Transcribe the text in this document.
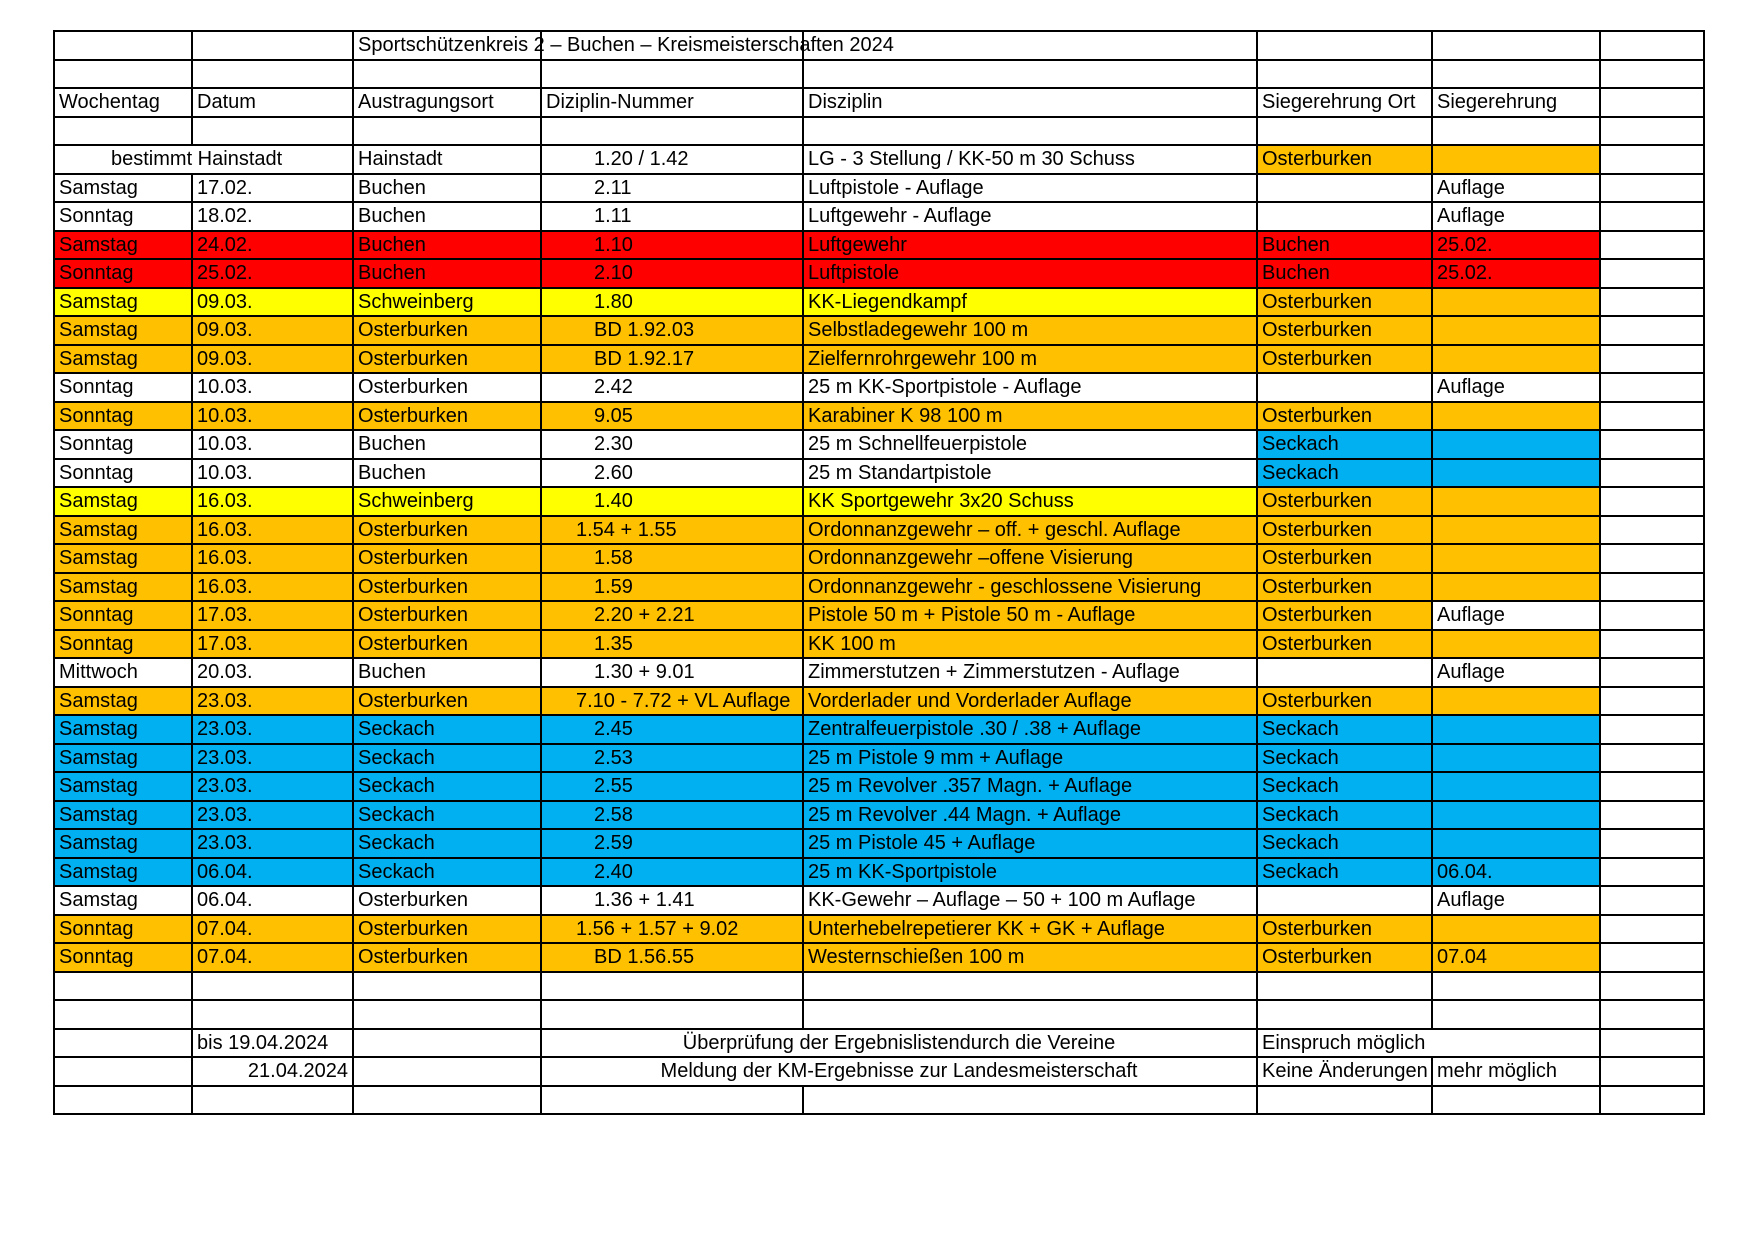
		Sportschützenkreis 2 – Buchen – Kreismeisterschaften 2024					

Wochentag	Datum	Austragungsort	Diziplin-Nummer	Disziplin	Siegerehrung Ort	Siegerehrung	

bestimmt Hainstadt		Hainstadt	1.20 / 1.42	LG - 3 Stellung / KK-50 m 30 Schuss	Osterburken		
Samstag	17.02.	Buchen	2.11	Luftpistole - Auflage		Auflage	
Sonntag	18.02.	Buchen	1.11	Luftgewehr - Auflage		Auflage	
Samstag	24.02.	Buchen	1.10	Luftgewehr	Buchen	25.02.	
Sonntag	25.02.	Buchen	2.10	Luftpistole	Buchen	25.02.	
Samstag	09.03.	Schweinberg	1.80	KK-Liegendkampf	Osterburken		
Samstag	09.03.	Osterburken	BD 1.92.03	Selbstladegewehr 100 m	Osterburken		
Samstag	09.03.	Osterburken	BD 1.92.17	Zielfernrohrgewehr 100 m	Osterburken		
Sonntag	10.03.	Osterburken	2.42	25 m KK-Sportpistole - Auflage		Auflage	
Sonntag	10.03.	Osterburken	9.05	Karabiner K 98 100 m	Osterburken		
Sonntag	10.03.	Buchen	2.30	25 m Schnellfeuerpistole	Seckach		
Sonntag	10.03.	Buchen	2.60	25 m Standartpistole	Seckach		
Samstag	16.03.	Schweinberg	1.40	KK Sportgewehr 3x20 Schuss	Osterburken		
Samstag	16.03.	Osterburken	1.54 + 1.55	Ordonnanzgewehr – off. + geschl. Auflage	Osterburken		
Samstag	16.03.	Osterburken	1.58	Ordonnanzgewehr –offene Visierung	Osterburken		
Samstag	16.03.	Osterburken	1.59	Ordonnanzgewehr - geschlossene Visierung	Osterburken		
Sonntag	17.03.	Osterburken	2.20 + 2.21	Pistole 50 m + Pistole 50 m - Auflage	Osterburken	Auflage	
Sonntag	17.03.	Osterburken	1.35	KK 100 m	Osterburken		
Mittwoch	20.03.	Buchen	1.30 + 9.01	Zimmerstutzen + Zimmerstutzen - Auflage		Auflage	
Samstag	23.03.	Osterburken	7.10 - 7.72 + VL Auflage	Vorderlader und Vorderlader Auflage	Osterburken		
Samstag	23.03.	Seckach	2.45	Zentralfeuerpistole .30 / .38 + Auflage	Seckach		
Samstag	23.03.	Seckach	2.53	25 m Pistole 9 mm + Auflage	Seckach		
Samstag	23.03.	Seckach	2.55	25 m Revolver .357 Magn. + Auflage	Seckach		
Samstag	23.03.	Seckach	2.58	25 m Revolver .44 Magn. + Auflage	Seckach		
Samstag	23.03.	Seckach	2.59	25 m Pistole 45 + Auflage	Seckach		
Samstag	06.04.	Seckach	2.40	25 m KK-Sportpistole	Seckach	06.04.	
Samstag	06.04.	Osterburken	1.36 + 1.41	KK-Gewehr – Auflage – 50 + 100 m Auflage		Auflage	
Sonntag	07.04.	Osterburken	1.56 + 1.57 + 9.02	Unterhebelrepetierer KK + GK + Auflage	Osterburken		
Sonntag	07.04.	Osterburken	BD 1.56.55	Westernschießen 100 m	Osterburken	07.04	

	bis 19.04.2024		Überprüfung der Ergebnislistendurch die Vereine		Einspruch möglich		
	21.04.2024		Meldung der KM-Ergebnisse zur Landesmeisterschaft		Keine Änderungen	mehr möglich	
